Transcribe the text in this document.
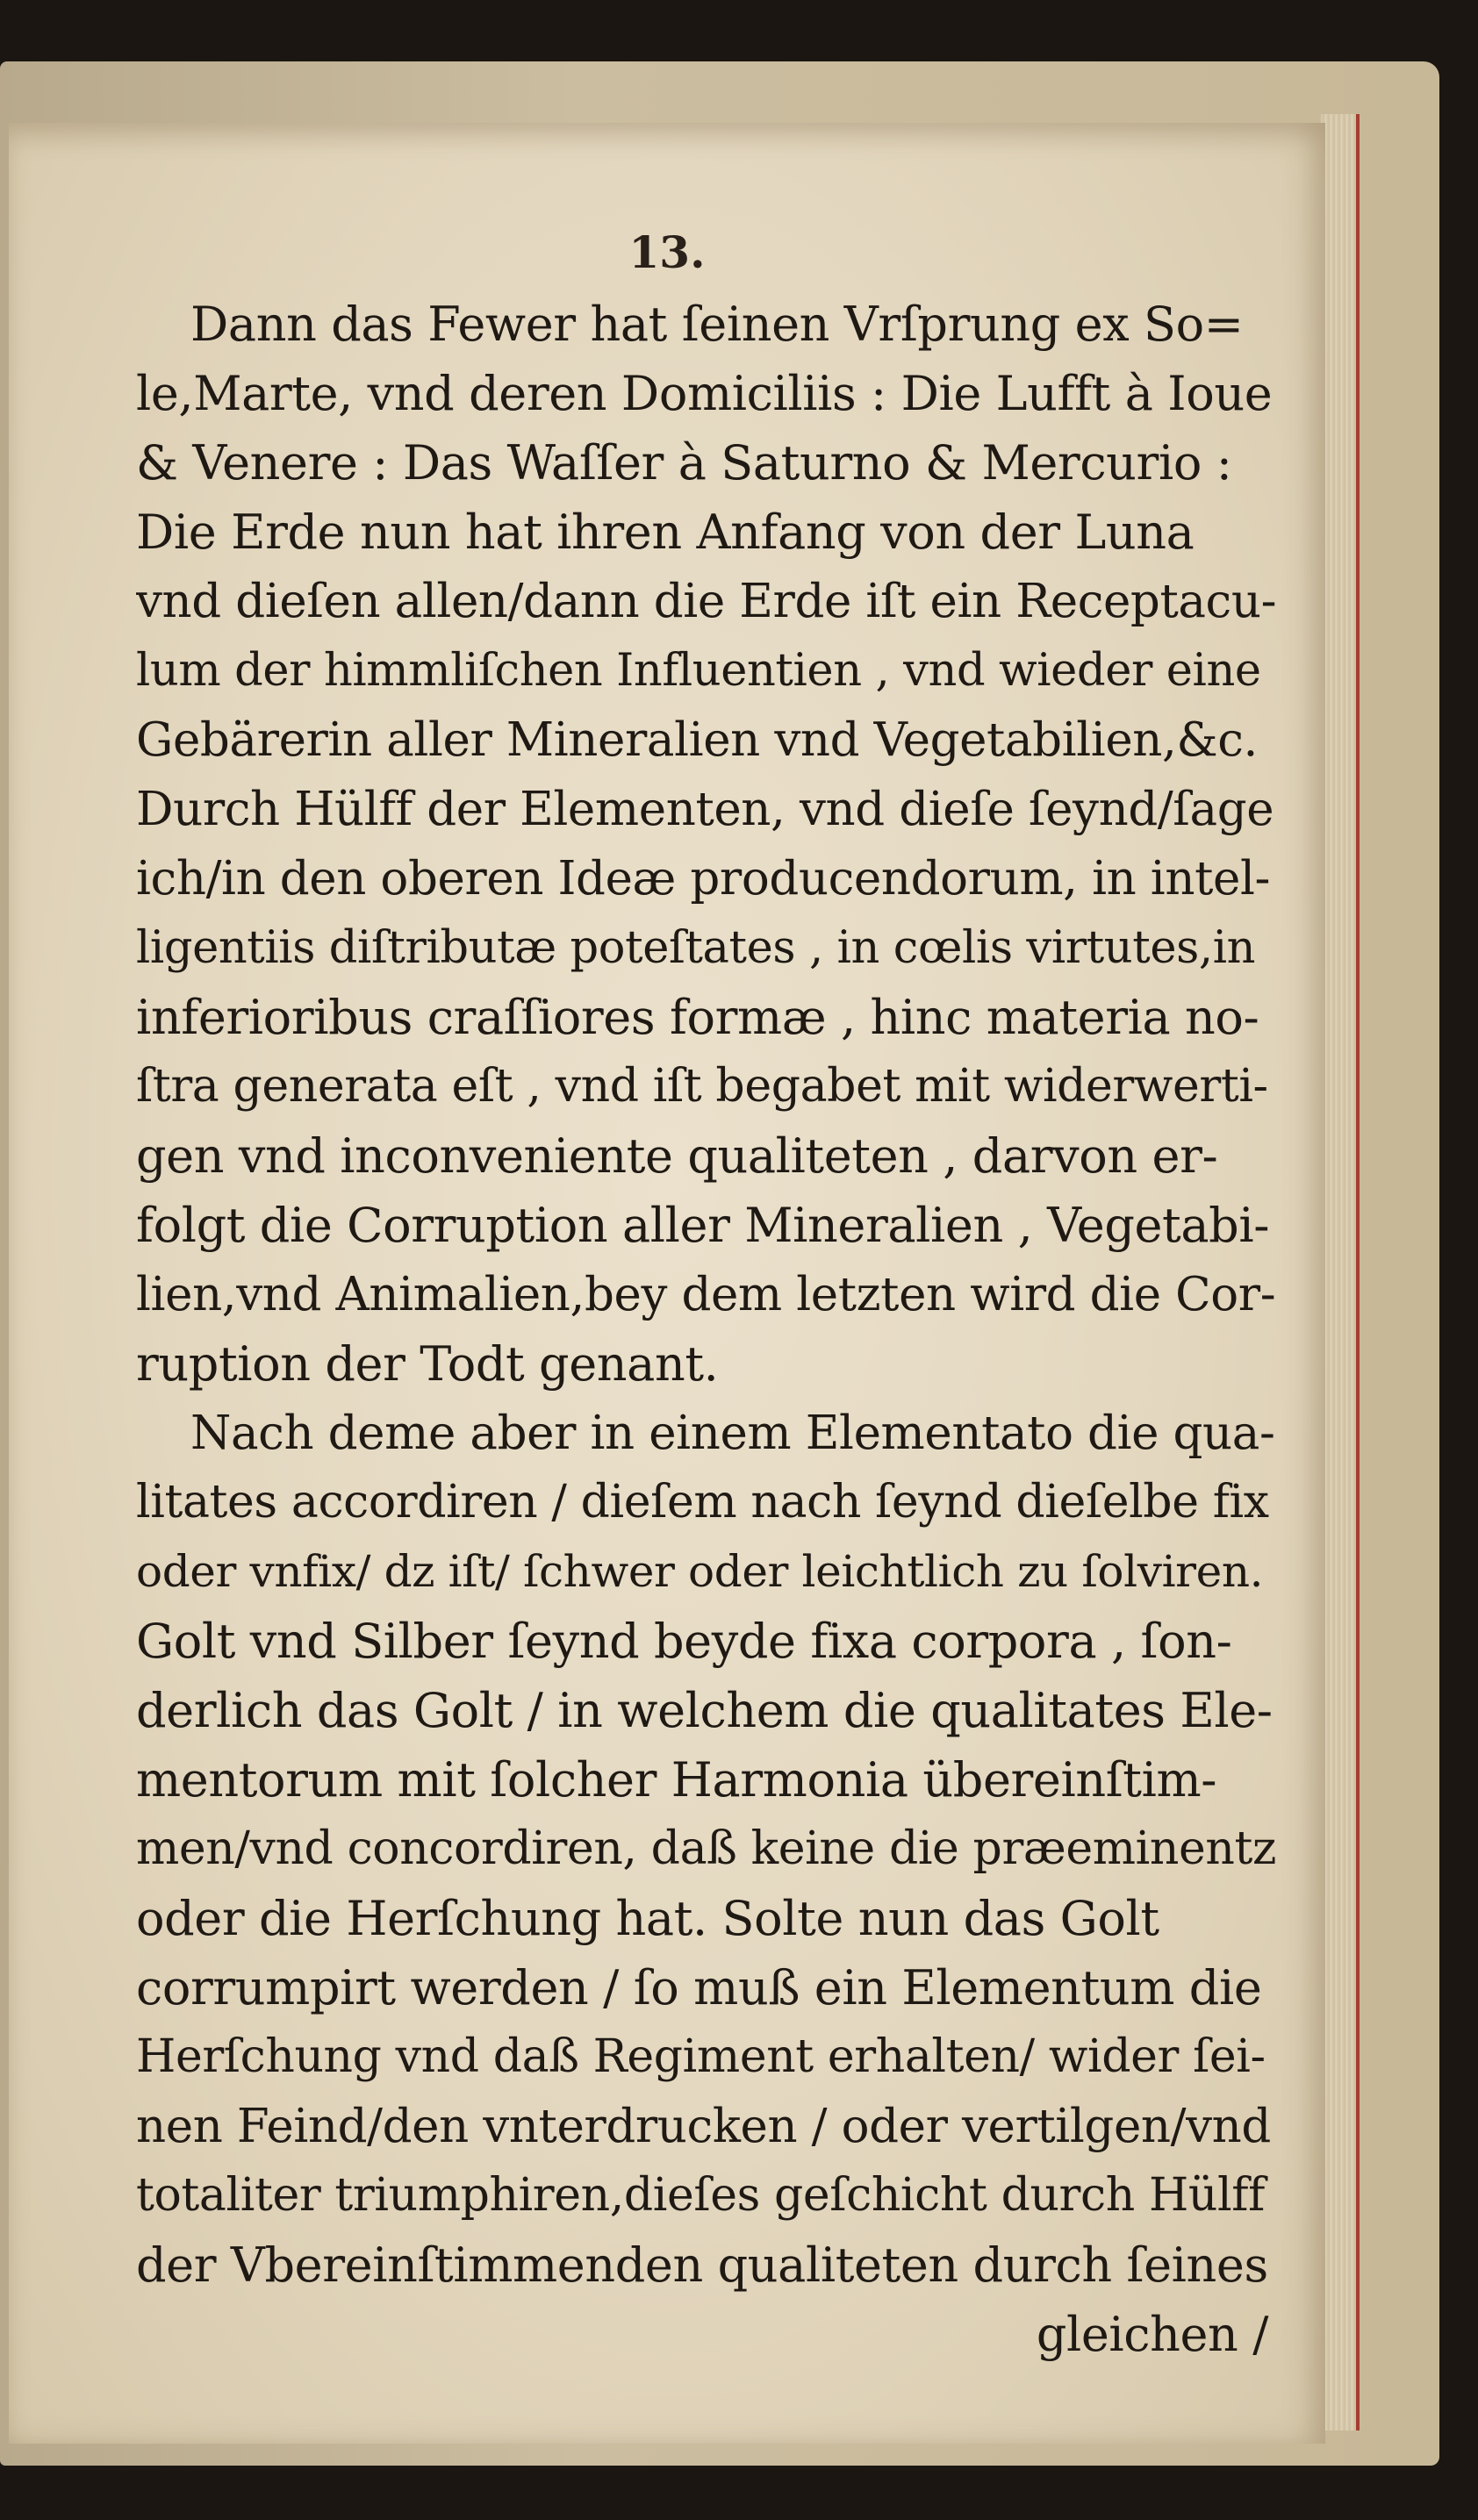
13.
Dann das Fewer hat ſeinen Vrſprung ex So=
le,Marte, vnd deren Domiciliis : Die Lufft à Ioue
& Venere : Das Waſſer à Saturno & Mercurio :
Die Erde nun hat ihren Anfang von der Luna
vnd dieſen allen/dann die Erde iſt ein Receptacu-
lum der himmliſchen Influentien , vnd wieder eine
Gebärerin aller Mineralien vnd Vegetabilien,&c.
Durch Hülff der Elementen, vnd dieſe ſeynd/ſage
ich/in den oberen Ideæ producendorum, in intel-
ligentiis diſtributæ poteſtates , in cœlis virtutes,in
inferioribus craſſiores formæ , hinc materia no-
ſtra generata eſt , vnd iſt begabet mit widerwerti-
gen vnd inconveniente qualiteten , darvon er-
folgt die Corruption aller Mineralien , Vegetabi-
lien,vnd Animalien,bey dem letzten wird die Cor-
ruption der Todt genant.
Nach deme aber in einem Elementato die qua-
litates accordiren / dieſem nach ſeynd dieſelbe fix
oder vnfix/ dz iſt/ ſchwer oder leichtlich zu ſolviren.
Golt vnd Silber ſeynd beyde fixa corpora , ſon-
derlich das Golt / in welchem die qualitates Ele-
mentorum mit ſolcher Harmonia übereinſtim-
men/vnd concordiren, daß keine die præeminentz
oder die Herſchung hat. Solte nun das Golt
corrumpirt werden / ſo muß ein Elementum die
Herſchung vnd daß Regiment erhalten/ wider ſei-
nen Feind/den vnterdrucken / oder vertilgen/vnd
totaliter triumphiren,dieſes geſchicht durch Hülff
der Vbereinſtimmenden qualiteten durch ſeines
gleichen /
